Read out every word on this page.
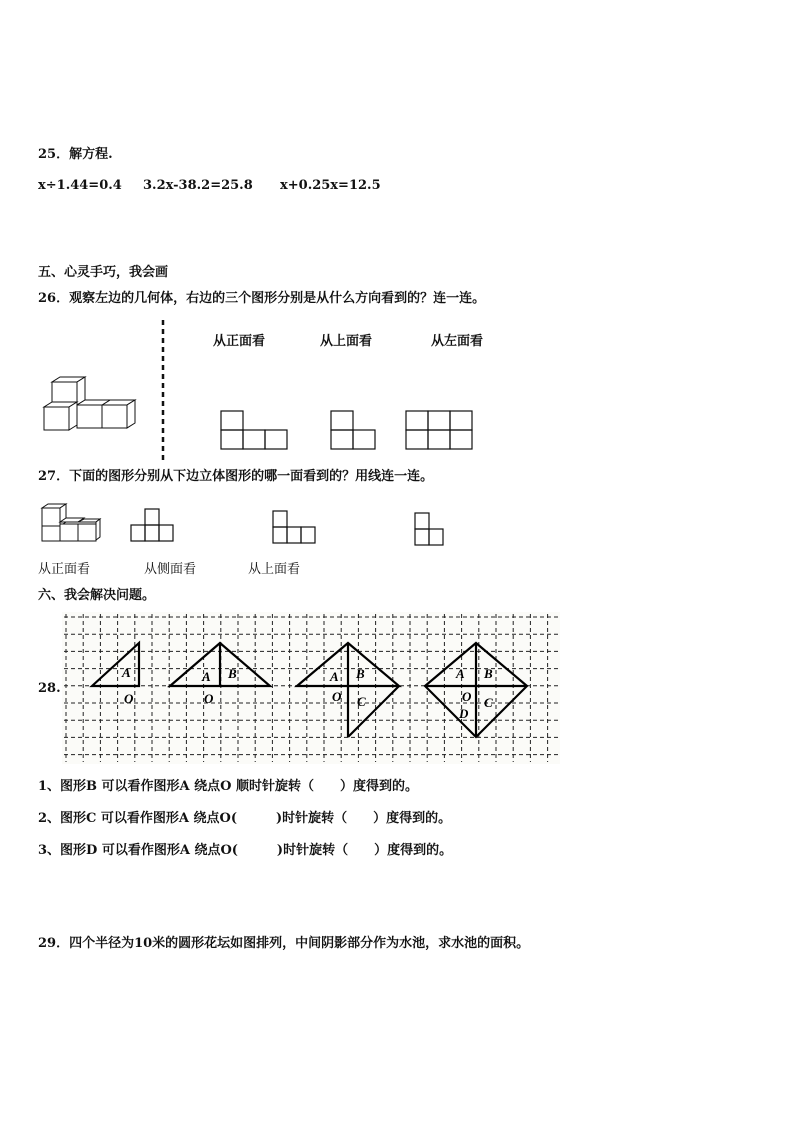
25．解方程.
x÷1.44=0.4 3.2x-38.2=25.8 x+0.25x=12.5
五、心灵手巧，我会画
26．观察左边的几何体，右边的三个图形分别是从什么方向看到的？连一连。
从正面看	从上面看	从左面看
27．下面的图形分别从下边立体图形的哪一面看到的？用线连一连。
从正面看	从侧面看	从上面看
六、我会解决问题。
28.
A
O
A B
O
A B
O C
A B
O C
D
1、图形B 可以看作图形A 绕点O 顺时针旋转（　　）度得到的。
2、图形C 可以看作图形A 绕点O(　　　)时针旋转（　　）度得到的。
3、图形D 可以看作图形A 绕点O(　　　)时针旋转（　　）度得到的。
29．四个半径为10米的圆形花坛如图排列，中间阴影部分作为水池，求水池的面积。
